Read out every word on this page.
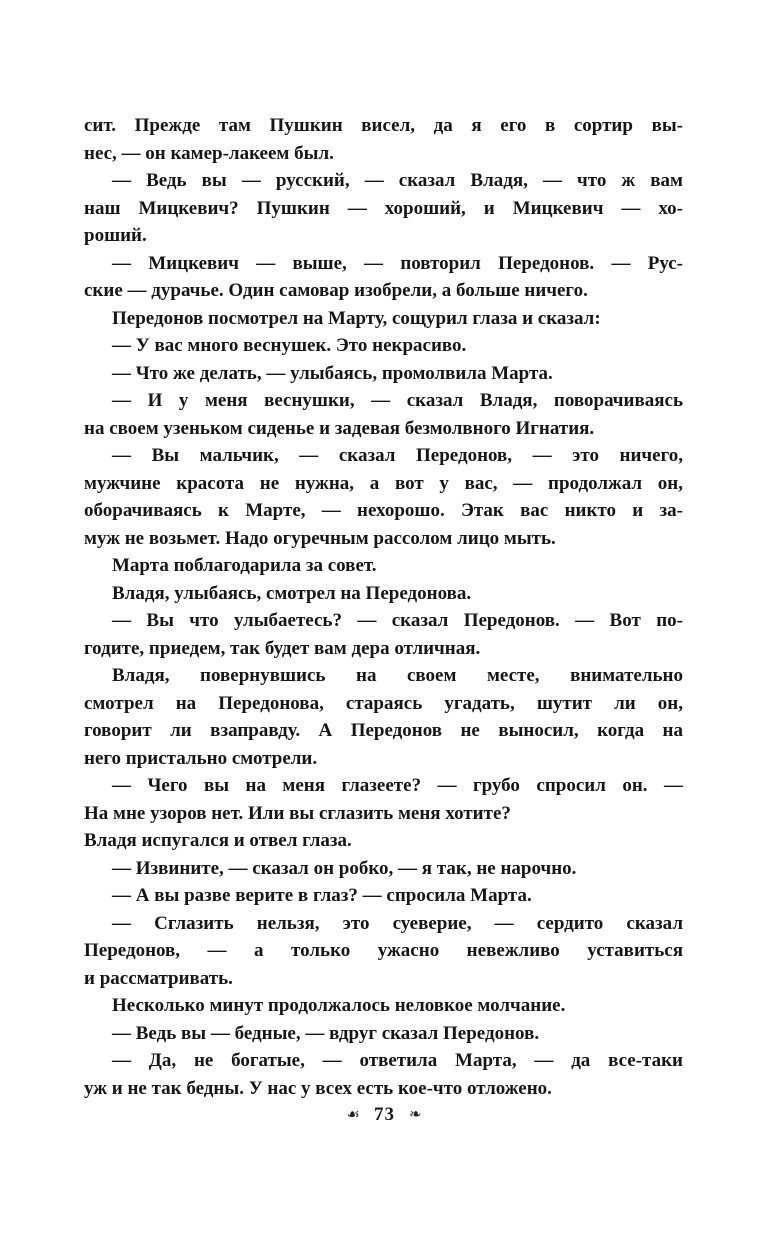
сит. Прежде там Пушкин висел, да я его в сортир вы-
нес, — он камер-лакеем был.
— Ведь вы — русский, — сказал Владя, — что ж вам
наш Мицкевич? Пушкин — хороший, и Мицкевич — хо-
роший.
— Мицкевич — выше, — повторил Передонов. — Рус-
ские — дурачье. Один самовар изобрели, а больше ничего.
Передонов посмотрел на Марту, сощурил глаза и сказал:
— У вас много веснушек. Это некрасиво.
— Что же делать, — улыбаясь, промолвила Марта.
— И у меня веснушки, — сказал Владя, поворачиваясь
на своем узеньком сиденье и задевая безмолвного Игнатия.
— Вы мальчик, — сказал Передонов, — это ничего,
мужчине красота не нужна, а вот у вас, — продолжал он,
оборачиваясь к Марте, — нехорошо. Этак вас никто и за-
муж не возьмет. Надо огуречным рассолом лицо мыть.
Марта поблагодарила за совет.
Владя, улыбаясь, смотрел на Передонова.
— Вы что улыбаетесь? — сказал Передонов. — Вот по-
годите, приедем, так будет вам дера отличная.
Владя, повернувшись на своем месте, внимательно
смотрел на Передонова, стараясь угадать, шутит ли он,
говорит ли взаправду. А Передонов не выносил, когда на
него пристально смотрели.
— Чего вы на меня глазеете? — грубо спросил он. —
На мне узоров нет. Или вы сглазить меня хотите?
Владя испугался и отвел глаза.
— Извините, — сказал он робко, — я так, не нарочно.
— А вы разве верите в глаз? — спросила Марта.
— Сглазить нельзя, это суеверие, — сердито сказал
Передонов, — а только ужасно невежливо уставиться
и рассматривать.
Несколько минут продолжалось неловкое молчание.
— Ведь вы — бедные, — вдруг сказал Передонов.
— Да, не богатые, — ответила Марта, — да все-таки
уж и не так бедны. У нас у всех есть кое-что отложено.
☙ 73 ❧
